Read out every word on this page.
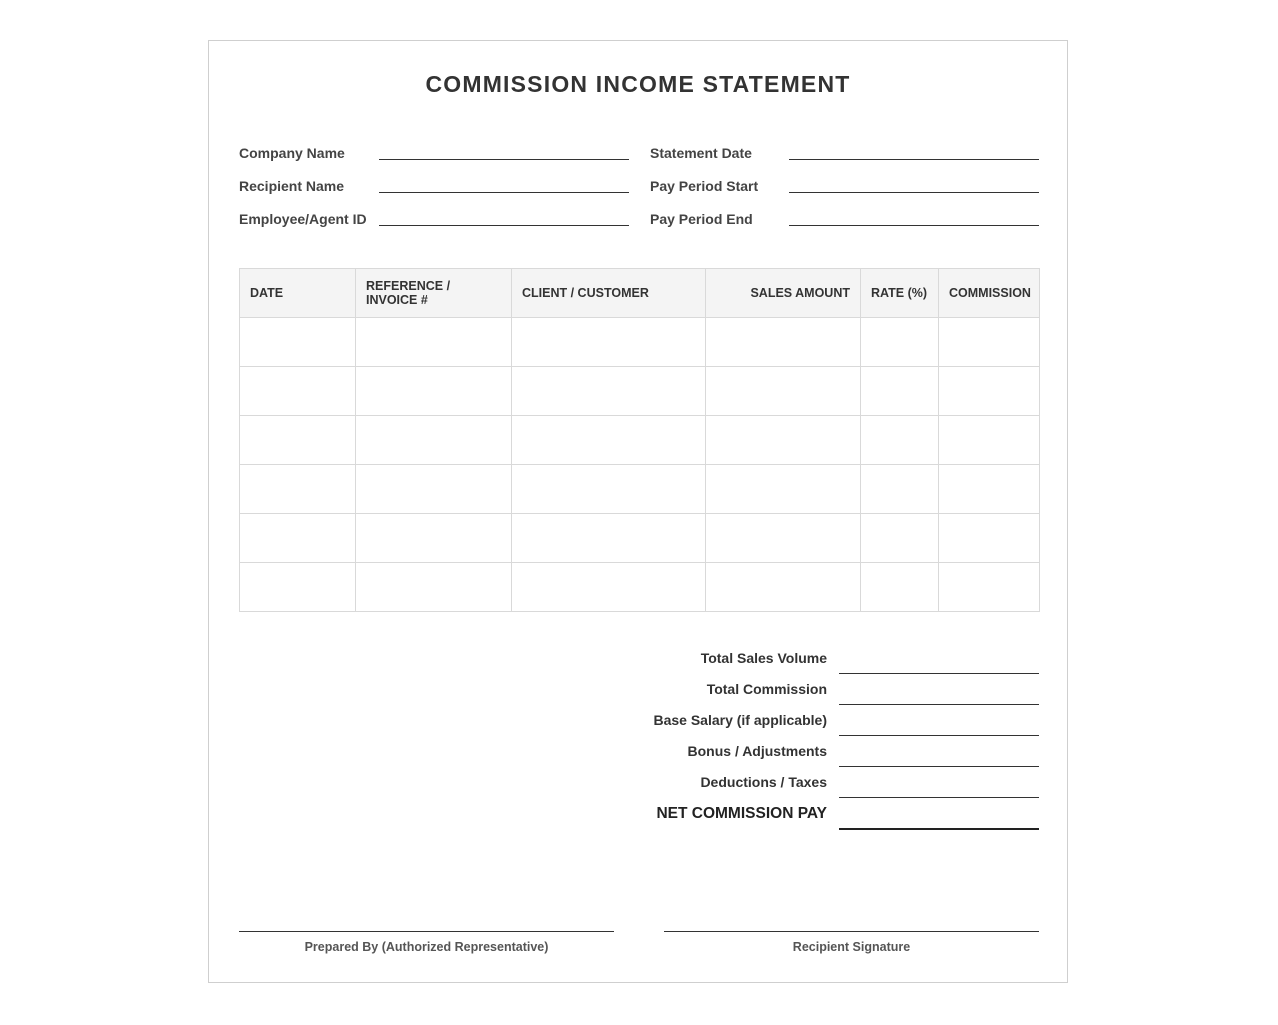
COMMISSION INCOME STATEMENT
Company Name
Recipient Name
Employee/Agent ID
Statement Date
Pay Period Start
Pay Period End
DATE	REFERENCE / INVOICE #	CLIENT / CUSTOMER	SALES AMOUNT	RATE (%)	COMMISSION

Total Sales Volume
Total Commission
Base Salary (if applicable)
Bonus / Adjustments
Deductions / Taxes
NET COMMISSION PAY
Prepared By (Authorized Representative)	Recipient Signature
